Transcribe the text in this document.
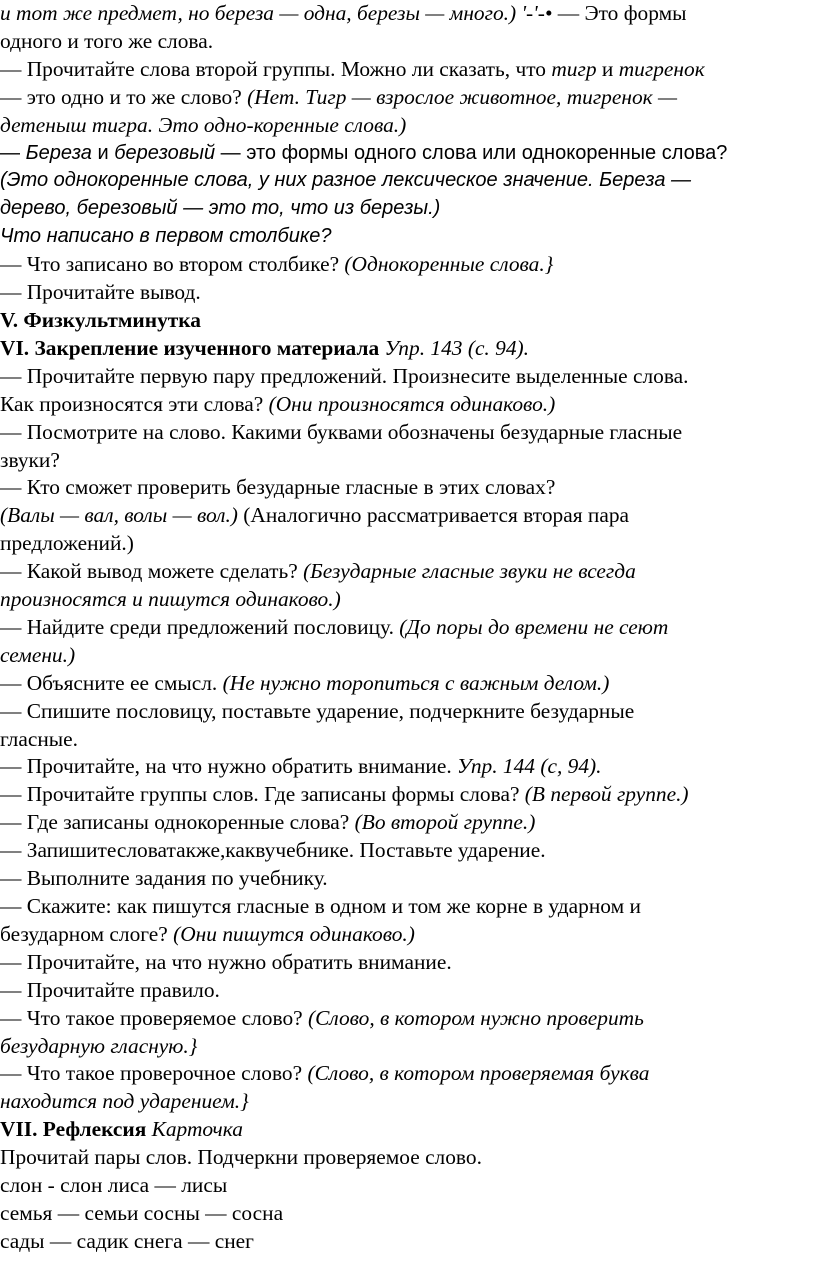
и тот же предмет, но береза — одна, березы — много.) '-'-• — Это формы
одного и того же слова.
— Прочитайте слова второй группы. Можно ли сказать, что тигр и тигренок
— это одно и то же слово? (Нет. Тигр — взрослое животное, тигренок —
детеныш тигра. Это одно-коренные слова.)
— Береза и березовый — это формы одного слова или однокоренные слова?
(Это однокоренные слова, у них разное лексическое значение. Береза —
дерево, березовый — это то, что из березы.)
Что написано в первом столбике?
— Что записано во втором столбике? (Однокоренные слова.}
— Прочитайте вывод.
V. Физкультминутка
VI. Закрепление изученного материала Упр. 143 (с. 94).
— Прочитайте первую пару предложений. Произнесите выделенные слова.
Как произносятся эти слова? (Они произносятся одинаково.)
— Посмотрите на слово. Какими буквами обозначены безударные гласные
звуки?
— Кто сможет проверить безударные гласные в этих словах?
(Валы — вал, волы — вол.) (Аналогично рассматривается вторая пара
предложений.)
— Какой вывод можете сделать? (Безударные гласные звуки не всегда
произносятся и пишутся одинаково.)
— Найдите среди предложений пословицу. (До поры до времени не сеют
семени.)
— Объясните ее смысл. (Не нужно торопиться с важным делом.)
— Спишите пословицу, поставьте ударение, подчеркните безударные
гласные.
— Прочитайте, на что нужно обратить внимание. Упр. 144 (с, 94).
— Прочитайте группы слов. Где записаны формы слова? (В первой группе.)
— Где записаны однокоренные слова? (Во второй группе.)
— Запишитесловатакже,каквучебнике. Поставьте ударение.
— Выполните задания по учебнику.
— Скажите: как пишутся гласные в одном и том же корне в ударном и
безударном слоге? (Они пишутся одинаково.)
— Прочитайте, на что нужно обратить внимание.
— Прочитайте правило.
— Что такое проверяемое слово? (Слово, в котором нужно проверить
безударную гласную.}
— Что такое проверочное слово? (Слово, в котором проверяемая буква
находится под ударением.}
VII. Рефлексия Карточка
Прочитай пары слов. Подчеркни проверяемое слово.
слон - слон лиса — лисы
семья — семьи сосны — сосна
сады — садик снега — снег
